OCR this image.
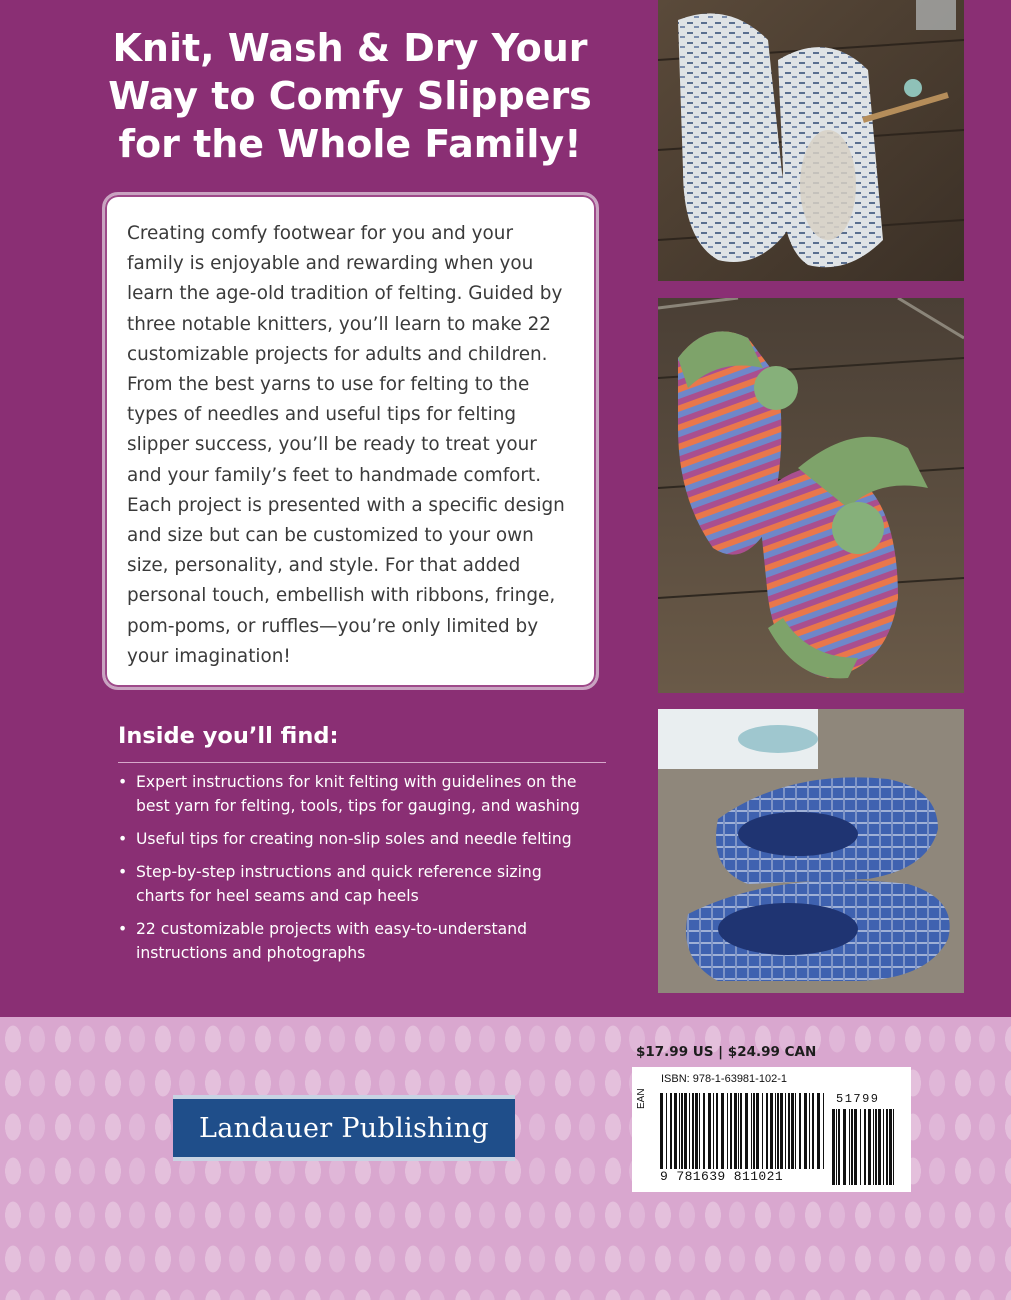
Knit, Wash & Dry Your
Way to Comfy Slippers
for the Whole Family!

Creating comfy footwear for you and your
family is enjoyable and rewarding when you
learn the age-old tradition of felting. Guided by
three notable knitters, you’ll learn to make 22
customizable projects for adults and children.
From the best yarns to use for felting to the
types of needles and useful tips for felting
slipper success, you’ll be ready to treat your
and your family’s feet to handmade comfort.
Each project is presented with a specific design
and size but can be customized to your own
size, personality, and style. For that added
personal touch, embellish with ribbons, fringe,
pom-poms, or ruffles—you’re only limited by
your imagination!

Inside you’ll find:
• Expert instructions for knit felting with guidelines on the
best yarn for felting, tools, tips for gauging, and washing
• Useful tips for creating non-slip soles and needle felting
• Step-by-step instructions and quick reference sizing
charts for heel seams and cap heels
• 22 customizable projects with easy-to-understand
instructions and photographs
Landauer Publishing

$17.99 US | $24.99 CAN

EAN
ISBN: 978-1-63981-102-1
51799
9 781639 811021
